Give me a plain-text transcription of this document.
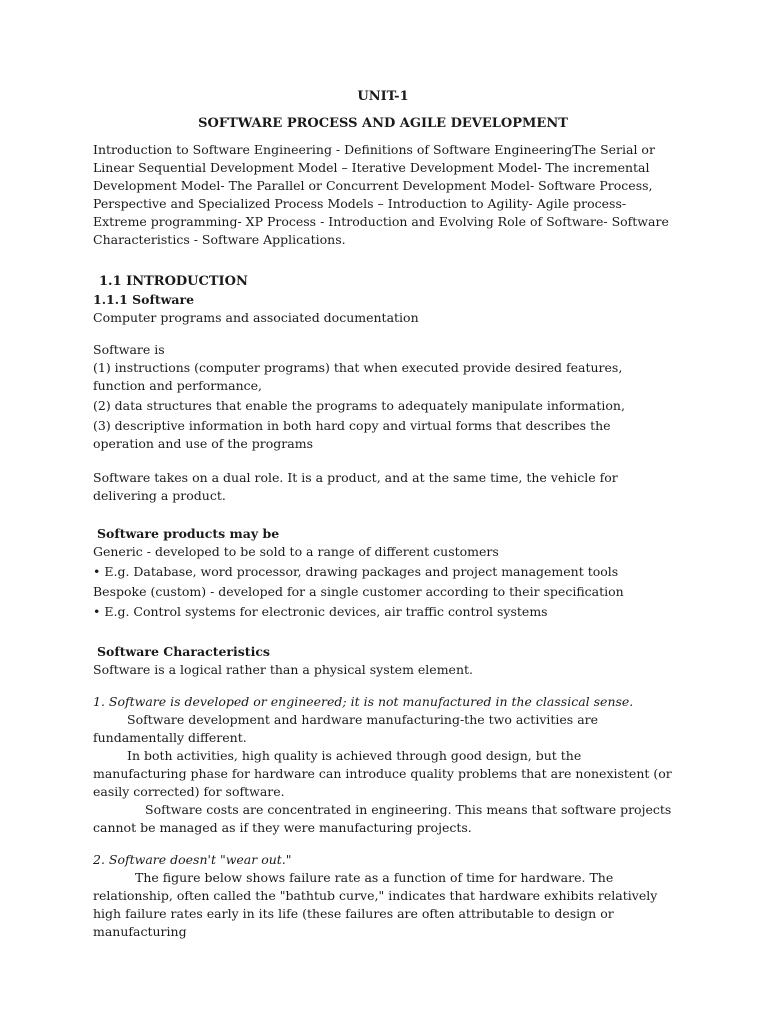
UNIT-1

SOFTWARE PROCESS AND AGILE DEVELOPMENT

Introduction to Software Engineering - Definitions of Software EngineeringThe Serial or Linear Sequential Development Model – Iterative Development Model- The incremental Development Model- The Parallel or Concurrent Development Model- Software Process, Perspective and Specialized Process Models – Introduction to Agility- Agile process- Extreme programming- XP Process - Introduction and Evolving Role of Software- Software Characteristics - Software Applications.

1.1 INTRODUCTION

1.1.1 Software

Computer programs and associated documentation

Software is

(1) instructions (computer programs) that when executed provide desired features, function and performance,

(2) data structures that enable the programs to adequately manipulate information,

(3) descriptive information in both hard copy and virtual forms that describes the operation and use of the programs

Software takes on a dual role. It is a product, and at the same time, the vehicle for delivering a product.

Software products may be

Generic - developed to be sold to a range of different customers

• E.g. Database, word processor, drawing packages and project management tools

Bespoke (custom) - developed for a single customer according to their specification

• E.g. Control systems for electronic devices, air traffic control systems

Software Characteristics

Software is a logical rather than a physical system element.

1. Software is developed or engineered; it is not manufactured in the classical sense.

Software development and hardware manufacturing-the two activities are fundamentally different.

In both activities, high quality is achieved through good design, but the manufacturing phase for hardware can introduce quality problems that are nonexistent (or easily corrected) for software.

Software costs are concentrated in engineering. This means that software projects cannot be managed as if they were manufacturing projects.

2. Software doesn't "wear out."

The figure below shows failure rate as a function of time for hardware. The relationship, often called the "bathtub curve," indicates that hardware exhibits relatively high failure rates early in its life (these failures are often attributable to design or manufacturing
